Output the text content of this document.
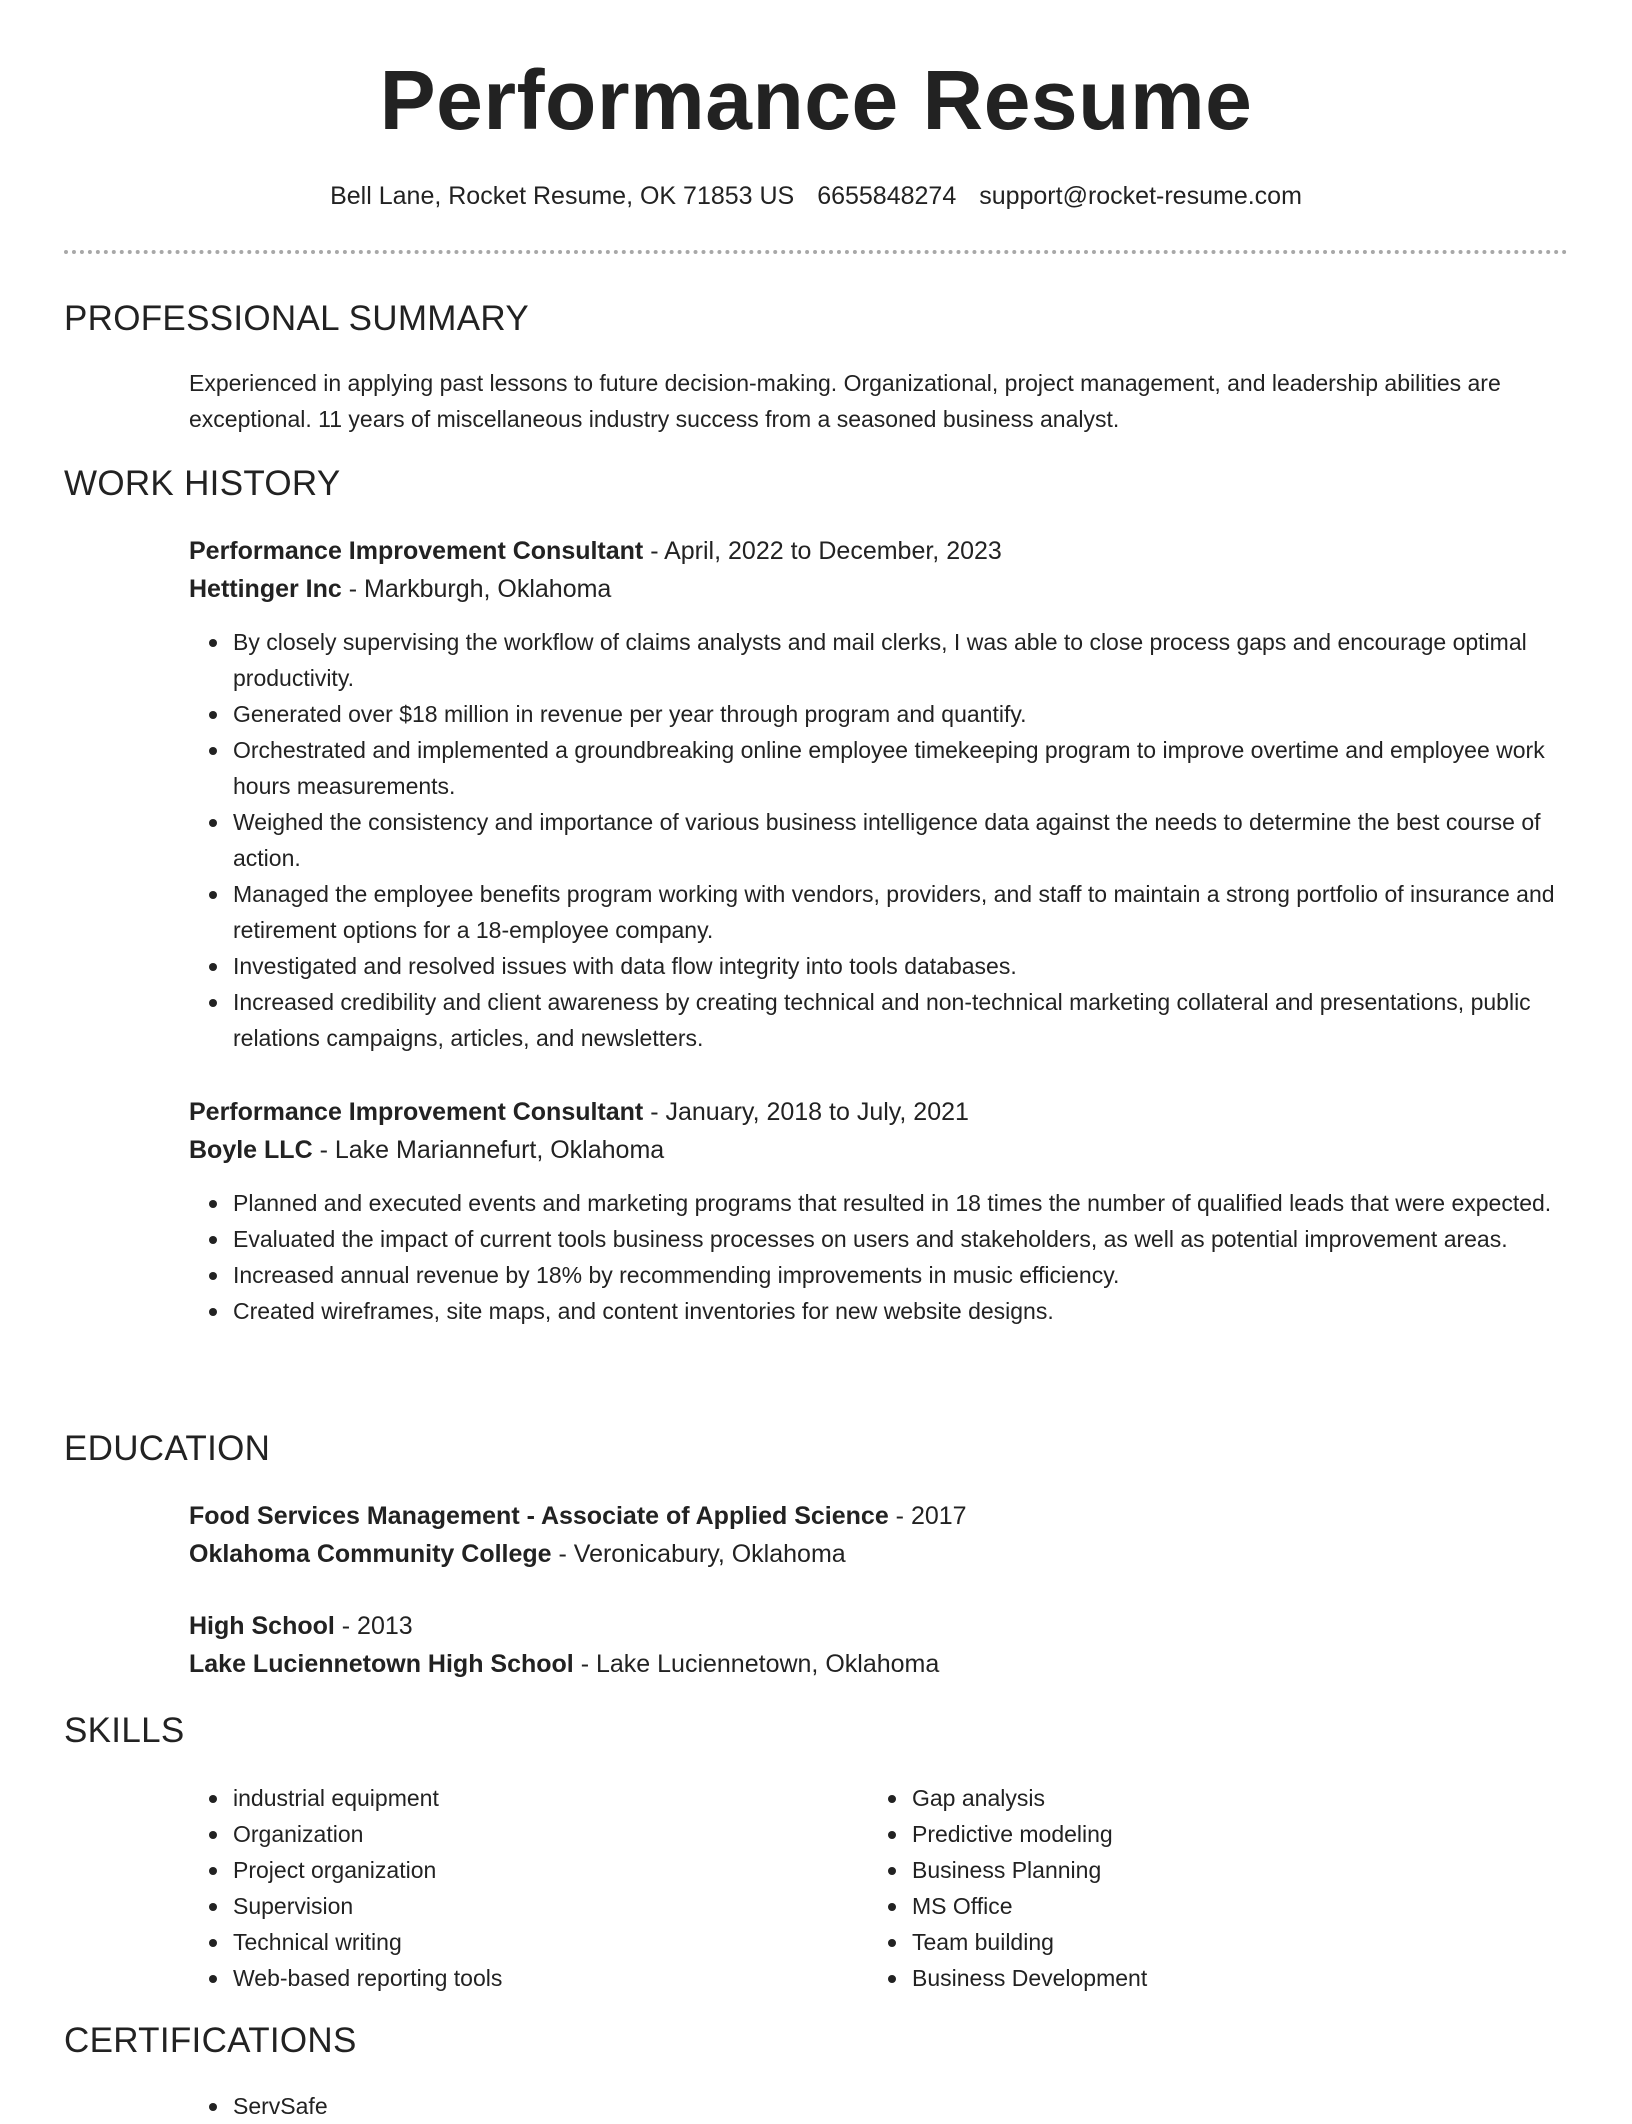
Performance Resume
Bell Lane, Rocket Resume, OK 71853 US 6655848274 support@rocket-resume.com
PROFESSIONAL SUMMARY
Experienced in applying past lessons to future decision-making. Organizational, project management, and leadership abilities are exceptional. 11 years of miscellaneous industry success from a seasoned business analyst.
WORK HISTORY
Performance Improvement Consultant - April, 2022 to December, 2023
Hettinger Inc - Markburgh, Oklahoma
By closely supervising the workflow of claims analysts and mail clerks, I was able to close process gaps and encourage optimal productivity.
Generated over $18 million in revenue per year through program and quantify.
Orchestrated and implemented a groundbreaking online employee timekeeping program to improve overtime and employee work hours measurements.
Weighed the consistency and importance of various business intelligence data against the needs to determine the best course of action.
Managed the employee benefits program working with vendors, providers, and staff to maintain a strong portfolio of insurance and retirement options for a 18-employee company.
Investigated and resolved issues with data flow integrity into tools databases.
Increased credibility and client awareness by creating technical and non-technical marketing collateral and presentations, public relations campaigns, articles, and newsletters.
Performance Improvement Consultant - January, 2018 to July, 2021
Boyle LLC - Lake Mariannefurt, Oklahoma
Planned and executed events and marketing programs that resulted in 18 times the number of qualified leads that were expected.
Evaluated the impact of current tools business processes on users and stakeholders, as well as potential improvement areas.
Increased annual revenue by 18% by recommending improvements in music efficiency.
Created wireframes, site maps, and content inventories for new website designs.
EDUCATION
Food Services Management - Associate of Applied Science - 2017
Oklahoma Community College - Veronicabury, Oklahoma
High School - 2013
Lake Luciennetown High School - Lake Luciennetown, Oklahoma
SKILLS
industrial equipment
Organization
Project organization
Supervision
Technical writing
Web-based reporting tools
Gap analysis
Predictive modeling
Business Planning
MS Office
Team building
Business Development
CERTIFICATIONS
ServSafe
